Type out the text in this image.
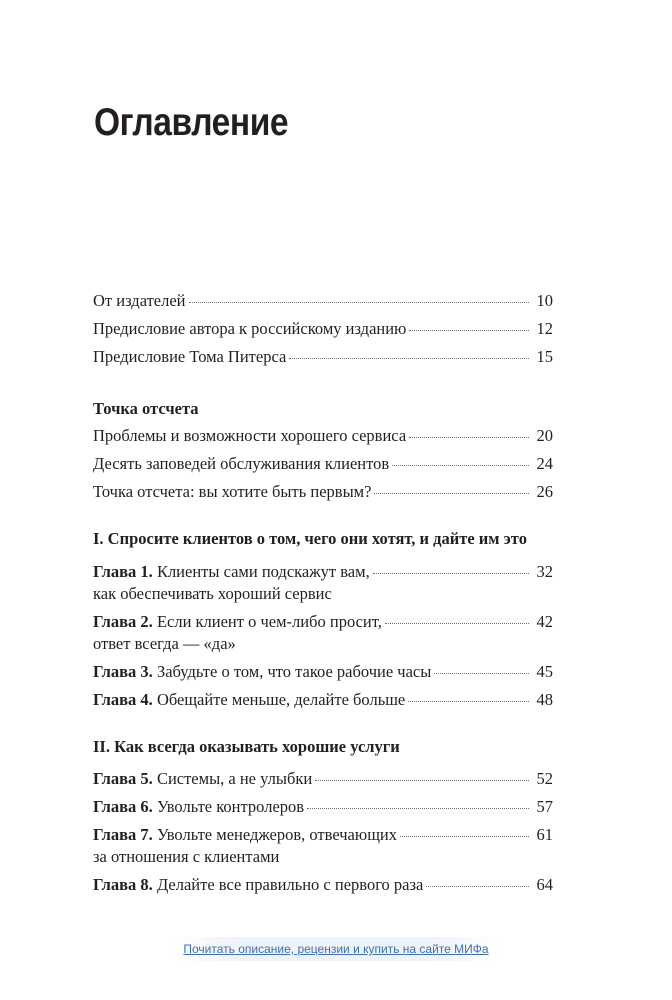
Оглавление
От издателей	10
Предисловие автора к российскому изданию	12
Предисловие Тома Питерса	15
Точка отсчета
Проблемы и возможности хорошего сервиса	20
Десять заповедей обслуживания клиентов	24
Точка отсчета: вы хотите быть первым?	26
I. Спросите клиентов о том, чего они хотят, и дайте им это
Глава 1. Клиенты сами подскажут вам,	32
как обеспечивать хороший сервис
Глава 2. Если клиент о чем-либо просит,	42
ответ всегда — «да»
Глава 3. Забудьте о том, что такое рабочие часы	45
Глава 4. Обещайте меньше, делайте больше	48
II. Как всегда оказывать хорошие услуги
Глава 5. Системы, а не улыбки	52
Глава 6. Увольте контролеров	57
Глава 7. Увольте менеджеров, отвечающих	61
за отношения с клиентами
Глава 8. Делайте все правильно с первого раза	64
Почитать описание, рецензии и купить на сайте МИФа
